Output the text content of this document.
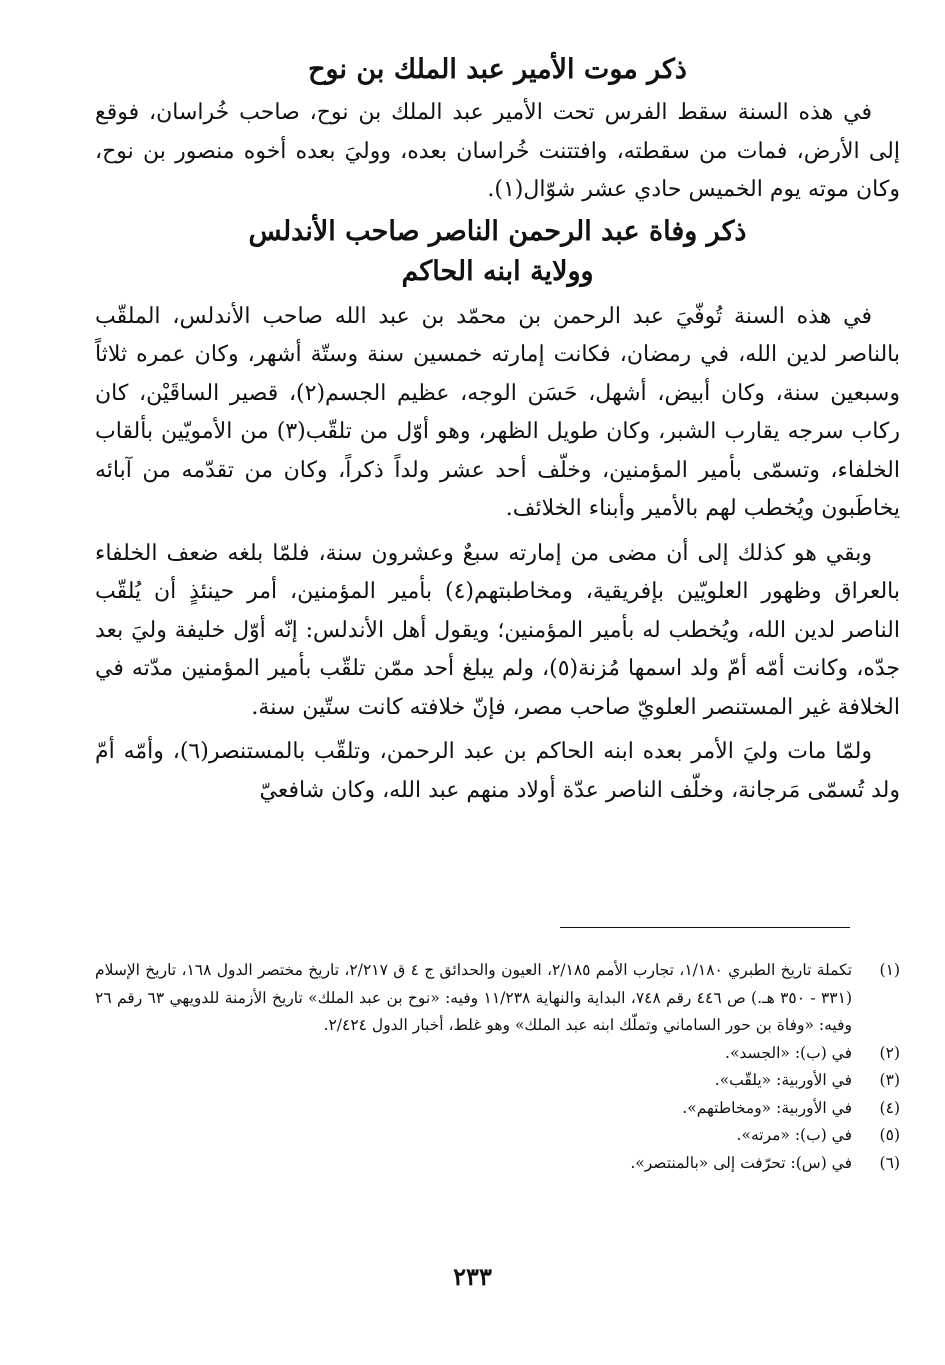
ذكر موت الأمير عبد الملك بن نوح

في هذه السنة سقط الفرس تحت الأمير عبد الملك بن نوح، صاحب خُراسان، فوقع إلى الأرض، فمات من سقطته، وافتتنت خُراسان بعده، ووليَ بعده أخوه منصور بن نوح، وكان موته يوم الخميس حادي عشر شوّال(١).

ذكر وفاة عبد الرحمن الناصر صاحب الأندلس
وولاية ابنه الحاكم

في هذه السنة تُوفّيَ عبد الرحمن بن محمّد بن عبد الله صاحب الأندلس، الملقّب بالناصر لدين الله، في رمضان، فكانت إمارته خمسين سنة وستّة أشهر، وكان عمره ثلاثاً وسبعين سنة، وكان أبيض، أشهل، حَسَن الوجه، عظيم الجسم(٢)، قصير الساقَيْن، كان ركاب سرجه يقارب الشبر، وكان طويل الظهر، وهو أوّل من تلقّب(٣) من الأمويّين بألقاب الخلفاء، وتسمّى بأمير المؤمنين، وخلّف أحد عشر ولداً ذكراً، وكان من تقدّمه من آبائه يخاطَبون ويُخطب لهم بالأمير وأبناء الخلائف.

وبقي هو كذلك إلى أن مضى من إمارته سبعٌ وعشرون سنة، فلمّا بلغه ضعف الخلفاء بالعراق وظهور العلويّين بإفريقية، ومخاطبتهم(٤) بأمير المؤمنين، أمر حينئذٍ أن يُلقّب الناصر لدين الله، ويُخطب له بأمير المؤمنين؛ ويقول أهل الأندلس: إنّه أوّل خليفة وليَ بعد جدّه، وكانت أمّه أمّ ولد اسمها مُزنة(٥)، ولم يبلغ أحد ممّن تلقّب بأمير المؤمنين مدّته في الخلافة غير المستنصر العلويّ صاحب مصر، فإنّ خلافته كانت ستّين سنة.

ولمّا مات وليَ الأمر بعده ابنه الحاكم بن عبد الرحمن، وتلقّب بالمستنصر(٦)، وأمّه أمّ ولد تُسمّى مَرجانة، وخلّف الناصر عدّة أولاد منهم عبد الله، وكان شافعيّ

(١)
تكملة تاريخ الطبري ١/١٨٠، تجارب الأمم ٢/١٨٥، العيون والحدائق ج ٤ ق ٢/٢١٧، تاريخ مختصر الدول ١٦٨، تاريخ الإسلام (٣٣١ - ٣٥٠ هـ.) ص ٤٤٦ رقم ٧٤٨، البداية والنهاية ١١/٢٣٨ وفيه: «نوح بن عبد الملك» تاريخ الأزمنة للدويهي ٦٣ رقم ٢٦ وفيه: «وفاة بن حور الساماني وتملّك ابنه عبد الملك» وهو غلط، أخبار الدول ٢/٤٢٤.
(٢)
في (ب): «الجسد».
(٣)
في الأوربية: «يلقّب».
(٤)
في الأوربية: «ومخاطتهم».
(٥)
في (ب): «مرته».
(٦)
في (س): تحرّفت إلى «بالمنتصر».
٢٣٣
